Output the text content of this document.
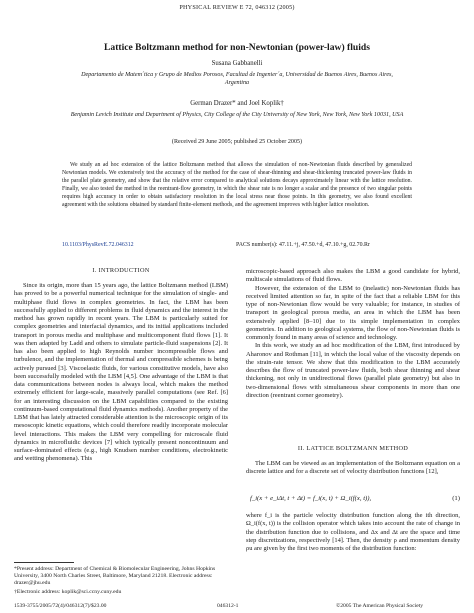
PHYSICAL REVIEW E 72, 046312 (2005)
Lattice Boltzmann method for non-Newtonian (power-law) fluids
Susana Gabbanelli
Departamento de Matem´tica y Grupo de Medios Porosos, Facultad de Ingenier´a, Universidad de Buenos Aires, Buenos Aires,
Argentina
German Drazer* and Joel Koplik†
Benjamin Levich Institute and Department of Physics, City College of the City University of New York, New York, New York 10031, USA
(Received 29 June 2005; published 25 October 2005)
We study an ad hoc extension of the lattice Boltzmann method that allows the simulation of non-Newtonian fluids described by generalized Newtonian models. We extensively test the accuracy of the method for the case of shear-thinning and shear-thickening truncated power-law fluids in the parallel plate geometry, and show that the relative error compared to analytical solutions decays approximately linear with the lattice resolution. Finally, we also tested the method in the reentrant-flow geometry, in which the shear rate is no longer a scalar and the presence of two singular points requires high accuracy in order to obtain satisfactory resolution in the local stress near those points. In this geometry, we also found excellent agreement with the solutions obtained by standard finite-element methods, and the agreement improves with higher lattice resolution.
10.1103/PhysRevE.72.046312	PACS number(s): 47.11.+j, 47.50.+d, 47.10.+g, 02.70.Rr
I. INTRODUCTION

Since its origin, more than 15 years ago, the lattice Boltzmann method (LBM) has proved to be a powerful numerical technique for the simulation of single- and multiphase fluid flows in complex geometries. In fact, the LBM has been successfully applied to different problems in fluid dynamics and the interest in the method has grown rapidly in recent years. The LBM is particularly suited for complex geometries and interfacial dynamics, and its initial applications included transport in porous media and multiphase and multicomponent fluid flows [1]. It was then adapted by Ladd and others to simulate particle-fluid suspensions [2]. It has also been applied to high Reynolds number incompressible flows and turbulence, and the implementation of thermal and compressible schemes is being actively pursued [3]. Viscoelastic fluids, for various constitutive models, have also been successfully modeled with the LBM [4,5]. One advantage of the LBM is that data communications between nodes is always local, which makes the method extremely efficient for large-scale, massively parallel computations (see Ref. [6] for an interesting discussion on the LBM capabilities compared to the existing continuum-based computational fluid dynamics methods). Another property of the LBM that has lately attracted considerable attention is the microscopic origin of its mesoscopic kinetic equations, which could therefore readily incorporate molecular level interactions. This makes the LBM very compelling for microscale fluid dynamics in microfluidic devices [7] which typically present noncontinuum and surface-dominated effects (e.g., high Knudsen number conditions, electrokinetic and wetting phenomena). This

microscopic-based approach also makes the LBM a good candidate for hybrid, multiscale simulations of fluid flows.

However, the extension of the LBM to (inelastic) non-Newtonian fluids has received limited attention so far, in spite of the fact that a reliable LBM for this type of non-Newtonian flow would be very valuable; for instance, in studies of transport in geological porous media, an area in which the LBM has been extensively applied [8–10] due to its simple implementation in complex geometries. In addition to geological systems, the flow of non-Newtonian fluids is commonly found in many areas of science and technology.

In this work, we study an ad hoc modification of the LBM, first introduced by Aharonov and Rothman [11], in which the local value of the viscosity depends on the strain-rate tensor. We show that this modification to the LBM accurately describes the flow of truncated power-law fluids, both shear thinning and shear thickening, not only in unidirectional flows (parallel plate geometry) but also in two-dimensional flows with simultaneous shear components in more than one direction (reentrant corner geometry).

II. LATTICE BOLTZMANN METHOD

The LBM can be viewed as an implementation of the Boltzmann equation on a discrete lattice and for a discrete set of velocity distribution functions [12],

f_i(x + e_iΔt, t + Δt) = f_i(x, t) + Ω_i(f(x, t)),	(1)

where f_i is the particle velocity distribution function along the ith direction, Ω_i(f(x, t)) is the collision operator which takes into account the rate of change in the distribution function due to collisions, and Δx and Δt are the space and time step discretizations, respectively [14]. Then, the density ρ and momentum density ρu are given by the first two moments of the distribution function:

*Present address: Department of Chemical & Biomolecular Engineering, Johns Hopkins University, 3400 North Charles Street, Baltimore, Maryland 21218. Electronic address: drazer@jhu.edu
†Electronic address: koplik@sci.ccny.cuny.edu
1539-3755/2005/72(4)/046312(7)/$23.00	046312-1	©2005 The American Physical Society
